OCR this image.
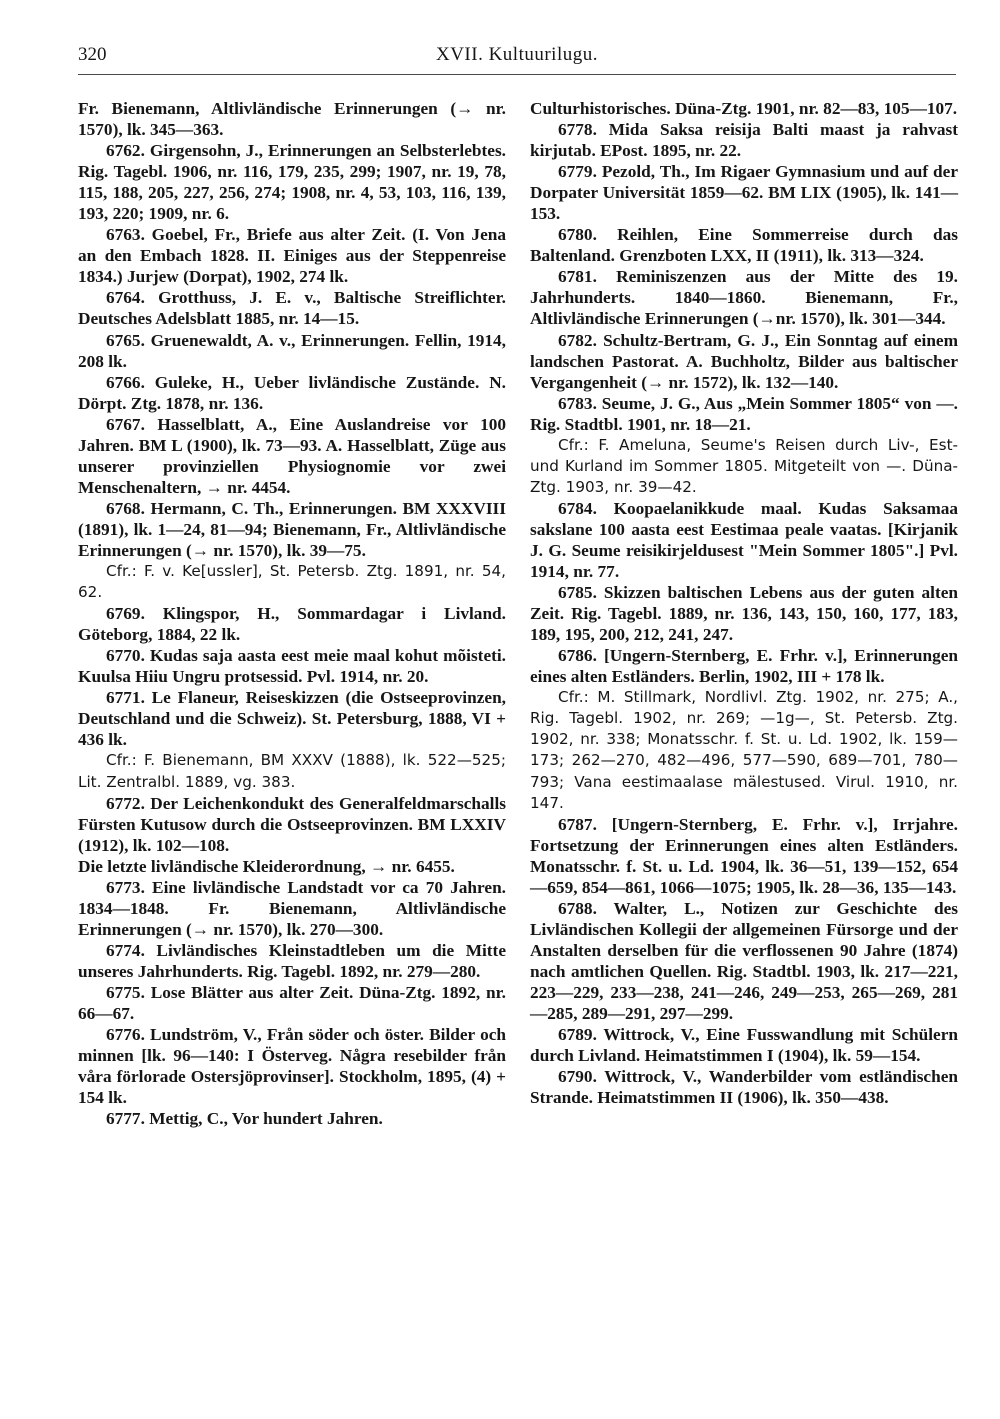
320	XVII. Kultuurilugu.

Fr. Bienemann, Altlivländische Erinnerungen (→ nr. 1570), lk. 345—363.

6762. Girgensohn, J., Erinnerungen an Selbsterlebtes. Rig. Tagebl. 1906, nr. 116, 179, 235, 299; 1907, nr. 19, 78, 115, 188, 205, 227, 256, 274; 1908, nr. 4, 53, 103, 116, 139, 193, 220; 1909, nr. 6.

6763. Goebel, Fr., Briefe aus alter Zeit. (I. Von Jena an den Embach 1828. II. Einiges aus der Steppenreise 1834.) Jurjew (Dorpat), 1902, 274 lk.

6764. Grotthuss, J. E. v., Baltische Streiflichter. Deutsches Adelsblatt 1885, nr. 14—15.

6765. Gruenewaldt, A. v., Erinnerungen. Fellin, 1914, 208 lk.

6766. Guleke, H., Ueber livländische Zustände. N. Dörpt. Ztg. 1878, nr. 136.

6767. Hasselblatt, A., Eine Auslandreise vor 100 Jahren. BM L (1900), lk. 73—93. A. Hasselblatt, Züge aus unserer provinziellen Physiognomie vor zwei Menschenaltern, → nr. 4454.

6768. Hermann, C. Th., Erinnerungen. BM XXXVIII (1891), lk. 1—24, 81—94; Bienemann, Fr., Altlivländische Erinnerungen (→ nr. 1570), lk. 39—75.

Cfr.: F. v. Ke[ussler], St. Petersb. Ztg. 1891, nr. 54, 62.

6769. Klingspor, H., Sommardagar i Livland. Göteborg, 1884, 22 lk.

6770. Kudas saja aasta eest meie maal kohut mõisteti. Kuulsa Hiiu Ungru protsessid. Pvl. 1914, nr. 20.

6771. Le Flaneur, Reiseskizzen (die Ostseeprovinzen, Deutschland und die Schweiz). St. Petersburg, 1888, VI + 436 lk.

Cfr.: F. Bienemann, BM XXXV (1888), lk. 522—525; Lit. Zentralbl. 1889, vg. 383.

6772. Der Leichenkondukt des Generalfeldmarschalls Fürsten Kutusow durch die Ostseeprovinzen. BM LXXIV (1912), lk. 102—108.

Die letzte livländische Kleiderordnung, → nr. 6455.

6773. Eine livländische Landstadt vor ca 70 Jahren. 1834—1848. Fr. Bienemann, Altlivländische Erinnerungen (→ nr. 1570), lk. 270—300.

6774. Livländisches Kleinstadtleben um die Mitte unseres Jahrhunderts. Rig. Tagebl. 1892, nr. 279—280.

6775. Lose Blätter aus alter Zeit. Düna-Ztg. 1892, nr. 66—67.

6776. Lundström, V., Från söder och öster. Bilder och minnen [lk. 96—140: I Österveg. Några resebilder från våra förlorade Ostersjöprovinser]. Stockholm, 1895, (4) + 154 lk.

6777. Mettig, C., Vor hundert Jahren.

Culturhistorisches. Düna-Ztg. 1901, nr. 82—83, 105—107.

6778. Mida Saksa reisija Balti maast ja rahvast kirjutab. EPost. 1895, nr. 22.

6779. Pezold, Th., Im Rigaer Gymnasium und auf der Dorpater Universität 1859—62. BM LIX (1905), lk. 141—153.

6780. Reihlen, Eine Sommerreise durch das Baltenland. Grenzboten LXX, II (1911), lk. 313—324.

6781. Reminiszenzen aus der Mitte des 19. Jahrhunderts. 1840—1860. Bienemann, Fr., Altlivländische Erinnerungen (→nr. 1570), lk. 301—344.

6782. Schultz-Bertram, G. J., Ein Sonntag auf einem landschen Pastorat. A. Buchholtz, Bilder aus baltischer Vergangenheit (→ nr. 1572), lk. 132—140.

6783. Seume, J. G., Aus „Mein Sommer 1805“ von —. Rig. Stadtbl. 1901, nr. 18—21.

Cfr.: F. Ameluna, Seume's Reisen durch Liv-, Est- und Kurland im Sommer 1805. Mitgeteilt von —. Düna-Ztg. 1903, nr. 39—42.

6784. Koopaelanikkude maal. Kudas Saksamaa sakslane 100 aasta eest Eestimaa peale vaatas. [Kirjanik J. G. Seume reisikirjeldusest "Mein Sommer 1805".] Pvl. 1914, nr. 77.

6785. Skizzen baltischen Lebens aus der guten alten Zeit. Rig. Tagebl. 1889, nr. 136, 143, 150, 160, 177, 183, 189, 195, 200, 212, 241, 247.

6786. [Ungern-Sternberg, E. Frhr. v.], Erinnerungen eines alten Estländers. Berlin, 1902, III + 178 lk.

Cfr.: M. Stillmark, Nordlivl. Ztg. 1902, nr. 275; A., Rig. Tagebl. 1902, nr. 269; —1g—, St. Petersb. Ztg. 1902, nr. 338; Monatsschr. f. St. u. Ld. 1902, lk. 159—173; 262—270, 482—496, 577—590, 689—701, 780—793; Vana eestimaalase mälestused. Virul. 1910, nr. 147.

6787. [Ungern-Sternberg, E. Frhr. v.], Irrjahre. Fortsetzung der Erinnerungen eines alten Estländers. Monatsschr. f. St. u. Ld. 1904, lk. 36—51, 139—152, 654—659, 854—861, 1066—1075; 1905, lk. 28—36, 135—143.

6788. Walter, L., Notizen zur Geschichte des Livländischen Kollegii der allgemeinen Fürsorge und der Anstalten derselben für die verflossenen 90 Jahre (1874) nach amtlichen Quellen. Rig. Stadtbl. 1903, lk. 217—221, 223—229, 233—238, 241—246, 249—253, 265—269, 281—285, 289—291, 297—299.

6789. Wittrock, V., Eine Fusswandlung mit Schülern durch Livland. Heimatstimmen I (1904), lk. 59—154.

6790. Wittrock, V., Wanderbilder vom estländischen Strande. Heimatstimmen II (1906), lk. 350—438.
